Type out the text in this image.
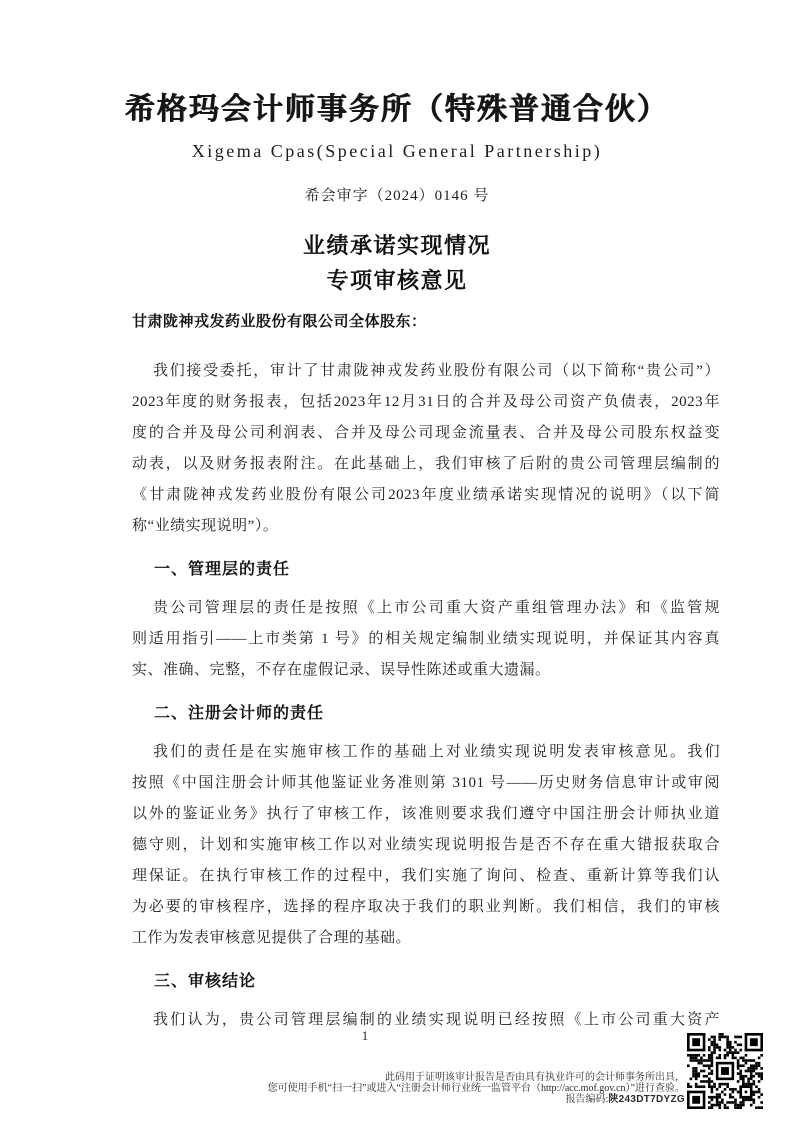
希格玛会计师事务所（特殊普通合伙）
Xigema Cpas(Special General Partnership)
希会审字（2024）0146 号
业绩承诺实现情况
专项审核意见
甘肃陇神戎发药业股份有限公司全体股东：
我们接受委托，审计了甘肃陇神戎发药业股份有限公司（以下简称“贵公司”）
2023年度的财务报表，包括2023年12月31日的合并及母公司资产负债表，2023年
度的合并及母公司利润表、合并及母公司现金流量表、合并及母公司股东权益变
动表，以及财务报表附注。在此基础上，我们审核了后附的贵公司管理层编制的
《甘肃陇神戎发药业股份有限公司2023年度业绩承诺实现情况的说明》（以下简
称“业绩实现说明”）。
一、管理层的责任
贵公司管理层的责任是按照《上市公司重大资产重组管理办法》和《监管规
则适用指引——上市类第 1 号》的相关规定编制业绩实现说明，并保证其内容真
实、准确、完整，不存在虚假记录、误导性陈述或重大遗漏。
二、注册会计师的责任
我们的责任是在实施审核工作的基础上对业绩实现说明发表审核意见。我们
按照《中国注册会计师其他鉴证业务准则第 3101 号——历史财务信息审计或审阅
以外的鉴证业务》执行了审核工作，该准则要求我们遵守中国注册会计师执业道
德守则，计划和实施审核工作以对业绩实现说明报告是否不存在重大错报获取合
理保证。在执行审核工作的过程中，我们实施了询问、检查、重新计算等我们认
为必要的审核程序，选择的程序取决于我们的职业判断。我们相信，我们的审核
工作为发表审核意见提供了合理的基础。
三、审核结论
我们认为，贵公司管理层编制的业绩实现说明已经按照《上市公司重大资产
1
此码用于证明该审计报告是否由具有执业许可的会计师事务所出具，
您可使用手机“扫一扫”或进入“注册会计师行业统一监管平台（http://acc.mof.gov.cn）”进行查验。
报告编码:陕243DT7DYZG
